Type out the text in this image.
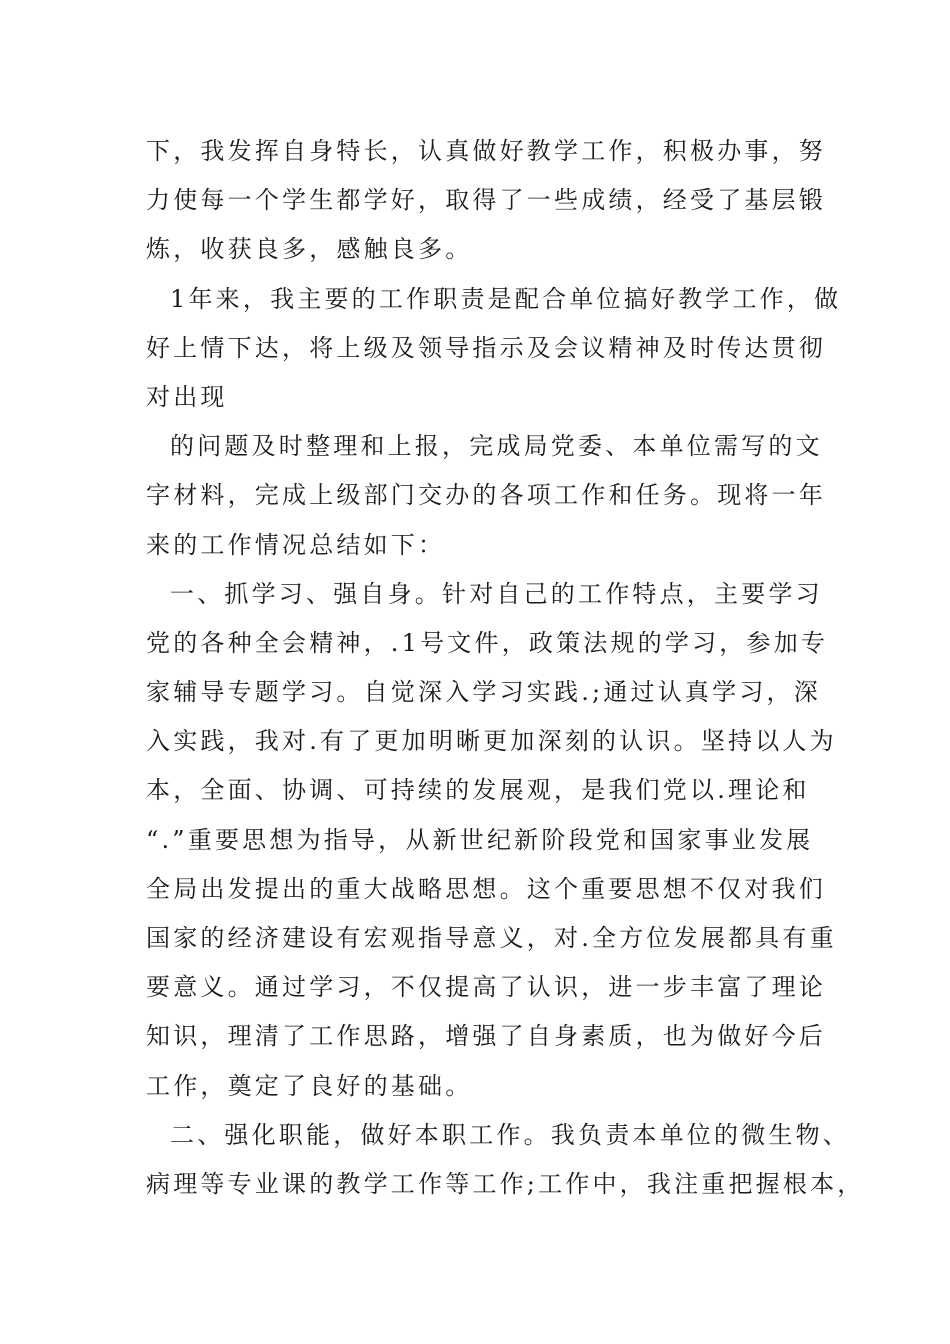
下，我发挥自身特长，认真做好教学工作，积极办事，努
力使每一个学生都学好，取得了一些成绩，经受了基层锻
炼，收获良多，感触良多。
1年来，我主要的工作职责是配合单位搞好教学工作，做
好上情下达，将上级及领导指示及会议精神及时传达贯彻
对出现
的问题及时整理和上报，完成局党委、本单位需写的文
字材料，完成上级部门交办的各项工作和任务。现将一年
来的工作情况总结如下：
一、抓学习、强自身。针对自己的工作特点，主要学习
党的各种全会精神，.1号文件，政策法规的学习，参加专
家辅导专题学习。自觉深入学习实践.;通过认真学习，深
入实践，我对.有了更加明晰更加深刻的认识。坚持以人为
本，全面、协调、可持续的发展观，是我们党以.理论和
“.”重要思想为指导，从新世纪新阶段党和国家事业发展
全局出发提出的重大战略思想。这个重要思想不仅对我们
国家的经济建设有宏观指导意义，对.全方位发展都具有重
要意义。通过学习，不仅提高了认识，进一步丰富了理论
知识，理清了工作思路，增强了自身素质，也为做好今后
工作，奠定了良好的基础。
二、强化职能，做好本职工作。我负责本单位的微生物、
病理等专业课的教学工作等工作;工作中，我注重把握根本，
